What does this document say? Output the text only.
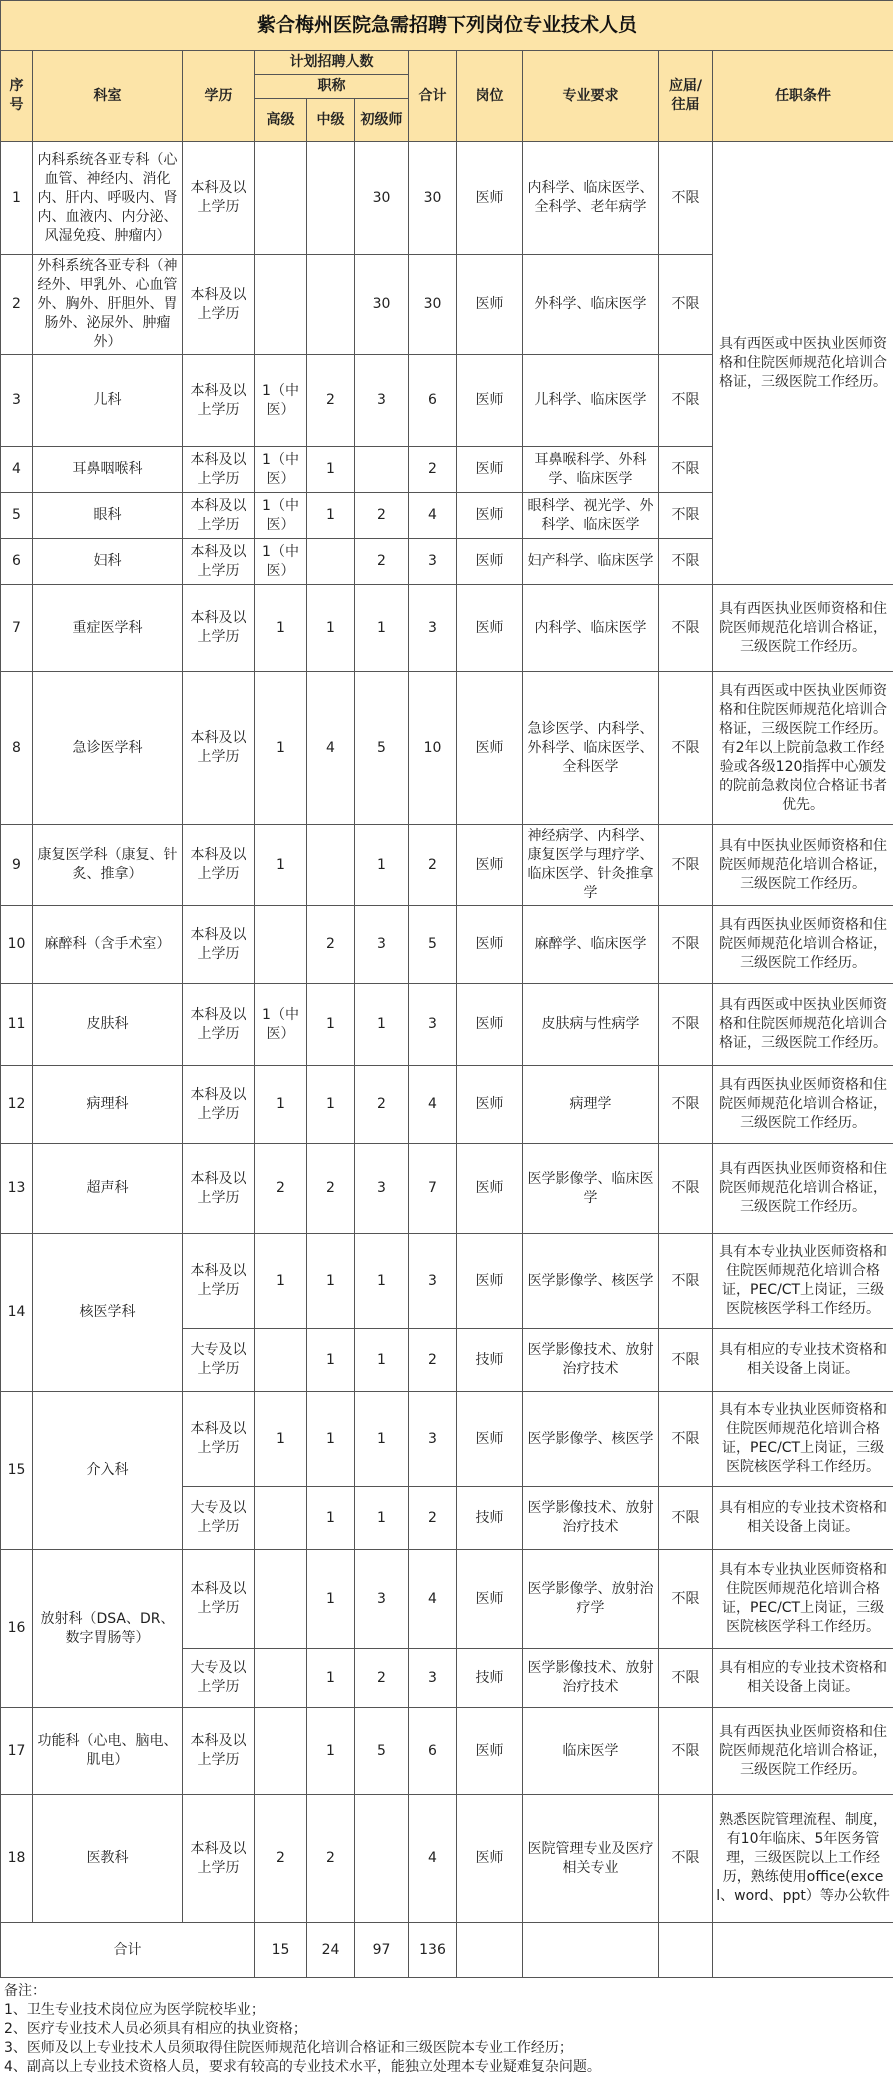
紫合梅州医院急需招聘下列岗位专业技术人员										
序号	科室	学历	计划招聘人数			合计	岗位	专业要求	应届/往届	任职条件
			职称							
			高级	中级	初级师					
1	内科系统各亚专科（心血管、神经内、消化内、肝内、呼吸内、肾内、血液内、内分泌、风湿免疫、肿瘤内）	本科及以上学历			30	30	医师	内科学、临床医学、全科学、老年病学	不限	具有西医或中医执业医师资格和住院医师规范化培训合格证，三级医院工作经历。
2	外科系统各亚专科（神经外、甲乳外、心血管外、胸外、肝胆外、胃肠外、泌尿外、肿瘤外）	本科及以上学历			30	30	医师	外科学、临床医学	不限	
3	儿科	本科及以上学历	1（中医）	2	3	6	医师	儿科学、临床医学	不限	
4	耳鼻咽喉科	本科及以上学历	1（中医）	1		2	医师	耳鼻喉科学、外科学、临床医学	不限	
5	眼科	本科及以上学历	1（中医）	1	2	4	医师	眼科学、视光学、外科学、临床医学	不限	
6	妇科	本科及以上学历	1（中医）		2	3	医师	妇产科学、临床医学	不限	
7	重症医学科	本科及以上学历	1	1	1	3	医师	内科学、临床医学	不限	具有西医执业医师资格和住院医师规范化培训合格证，三级医院工作经历。
8	急诊医学科	本科及以上学历	1	4	5	10	医师	急诊医学、内科学、外科学、临床医学、全科医学	不限	具有西医或中医执业医师资格和住院医师规范化培训合格证，三级医院工作经历。有2年以上院前急救工作经验或各级120指挥中心颁发的院前急救岗位合格证书者优先。
9	康复医学科（康复、针炙、推拿）	本科及以上学历	1		1	2	医师	神经病学、内科学、康复医学与理疗学、临床医学、针灸推拿学	不限	具有中医执业医师资格和住院医师规范化培训合格证，三级医院工作经历。
10	麻醉科（含手术室）	本科及以上学历		2	3	5	医师	麻醉学、临床医学	不限	具有西医执业医师资格和住院医师规范化培训合格证，三级医院工作经历。
11	皮肤科	本科及以上学历	1（中医）	1	1	3	医师	皮肤病与性病学	不限	具有西医或中医执业医师资格和住院医师规范化培训合格证，三级医院工作经历。
12	病理科	本科及以上学历	1	1	2	4	医师	病理学	不限	具有西医执业医师资格和住院医师规范化培训合格证，三级医院工作经历。
13	超声科	本科及以上学历	2	2	3	7	医师	医学影像学、临床医学	不限	具有西医执业医师资格和住院医师规范化培训合格证，三级医院工作经历。
14	核医学科	本科及以上学历	1	1	1	3	医师	医学影像学、核医学	不限	具有本专业执业医师资格和住院医师规范化培训合格证，PEC/CT上岗证，三级医院核医学科工作经历。
		大专及以上学历		1	1	2	技师	医学影像技术、放射治疗技术	不限	具有相应的专业技术资格和相关设备上岗证。
15	介入科	本科及以上学历	1	1	1	3	医师	医学影像学、核医学	不限	具有本专业执业医师资格和住院医师规范化培训合格证，PEC/CT上岗证，三级医院核医学科工作经历。
		大专及以上学历		1	1	2	技师	医学影像技术、放射治疗技术	不限	具有相应的专业技术资格和相关设备上岗证。
16	放射科（DSA、DR、数字胃肠等）	本科及以上学历		1	3	4	医师	医学影像学、放射治疗学	不限	具有本专业执业医师资格和住院医师规范化培训合格证，PEC/CT上岗证，三级医院核医学科工作经历。
		大专及以上学历		1	2	3	技师	医学影像技术、放射治疗技术	不限	具有相应的专业技术资格和相关设备上岗证。
17	功能科（心电、脑电、肌电）	本科及以上学历		1	5	6	医师	临床医学	不限	具有西医执业医师资格和住院医师规范化培训合格证，三级医院工作经历。
18	医教科	本科及以上学历	2	2		4	医师	医院管理专业及医疗相关专业	不限	熟悉医院管理流程、制度，有10年临床、5年医务管理，三级医院以上工作经历，熟练使用office(excel、word、ppt）等办公软件
合计			15	24	97	136				
备注：
1、卫生专业技术岗位应为医学院校毕业；
2、医疗专业技术人员必须具有相应的执业资格；
3、医师及以上专业技术人员须取得住院医师规范化培训合格证和三级医院本专业工作经历；
4、副高以上专业技术资格人员，要求有较高的专业技术水平，能独立处理本专业疑难复杂问题。
